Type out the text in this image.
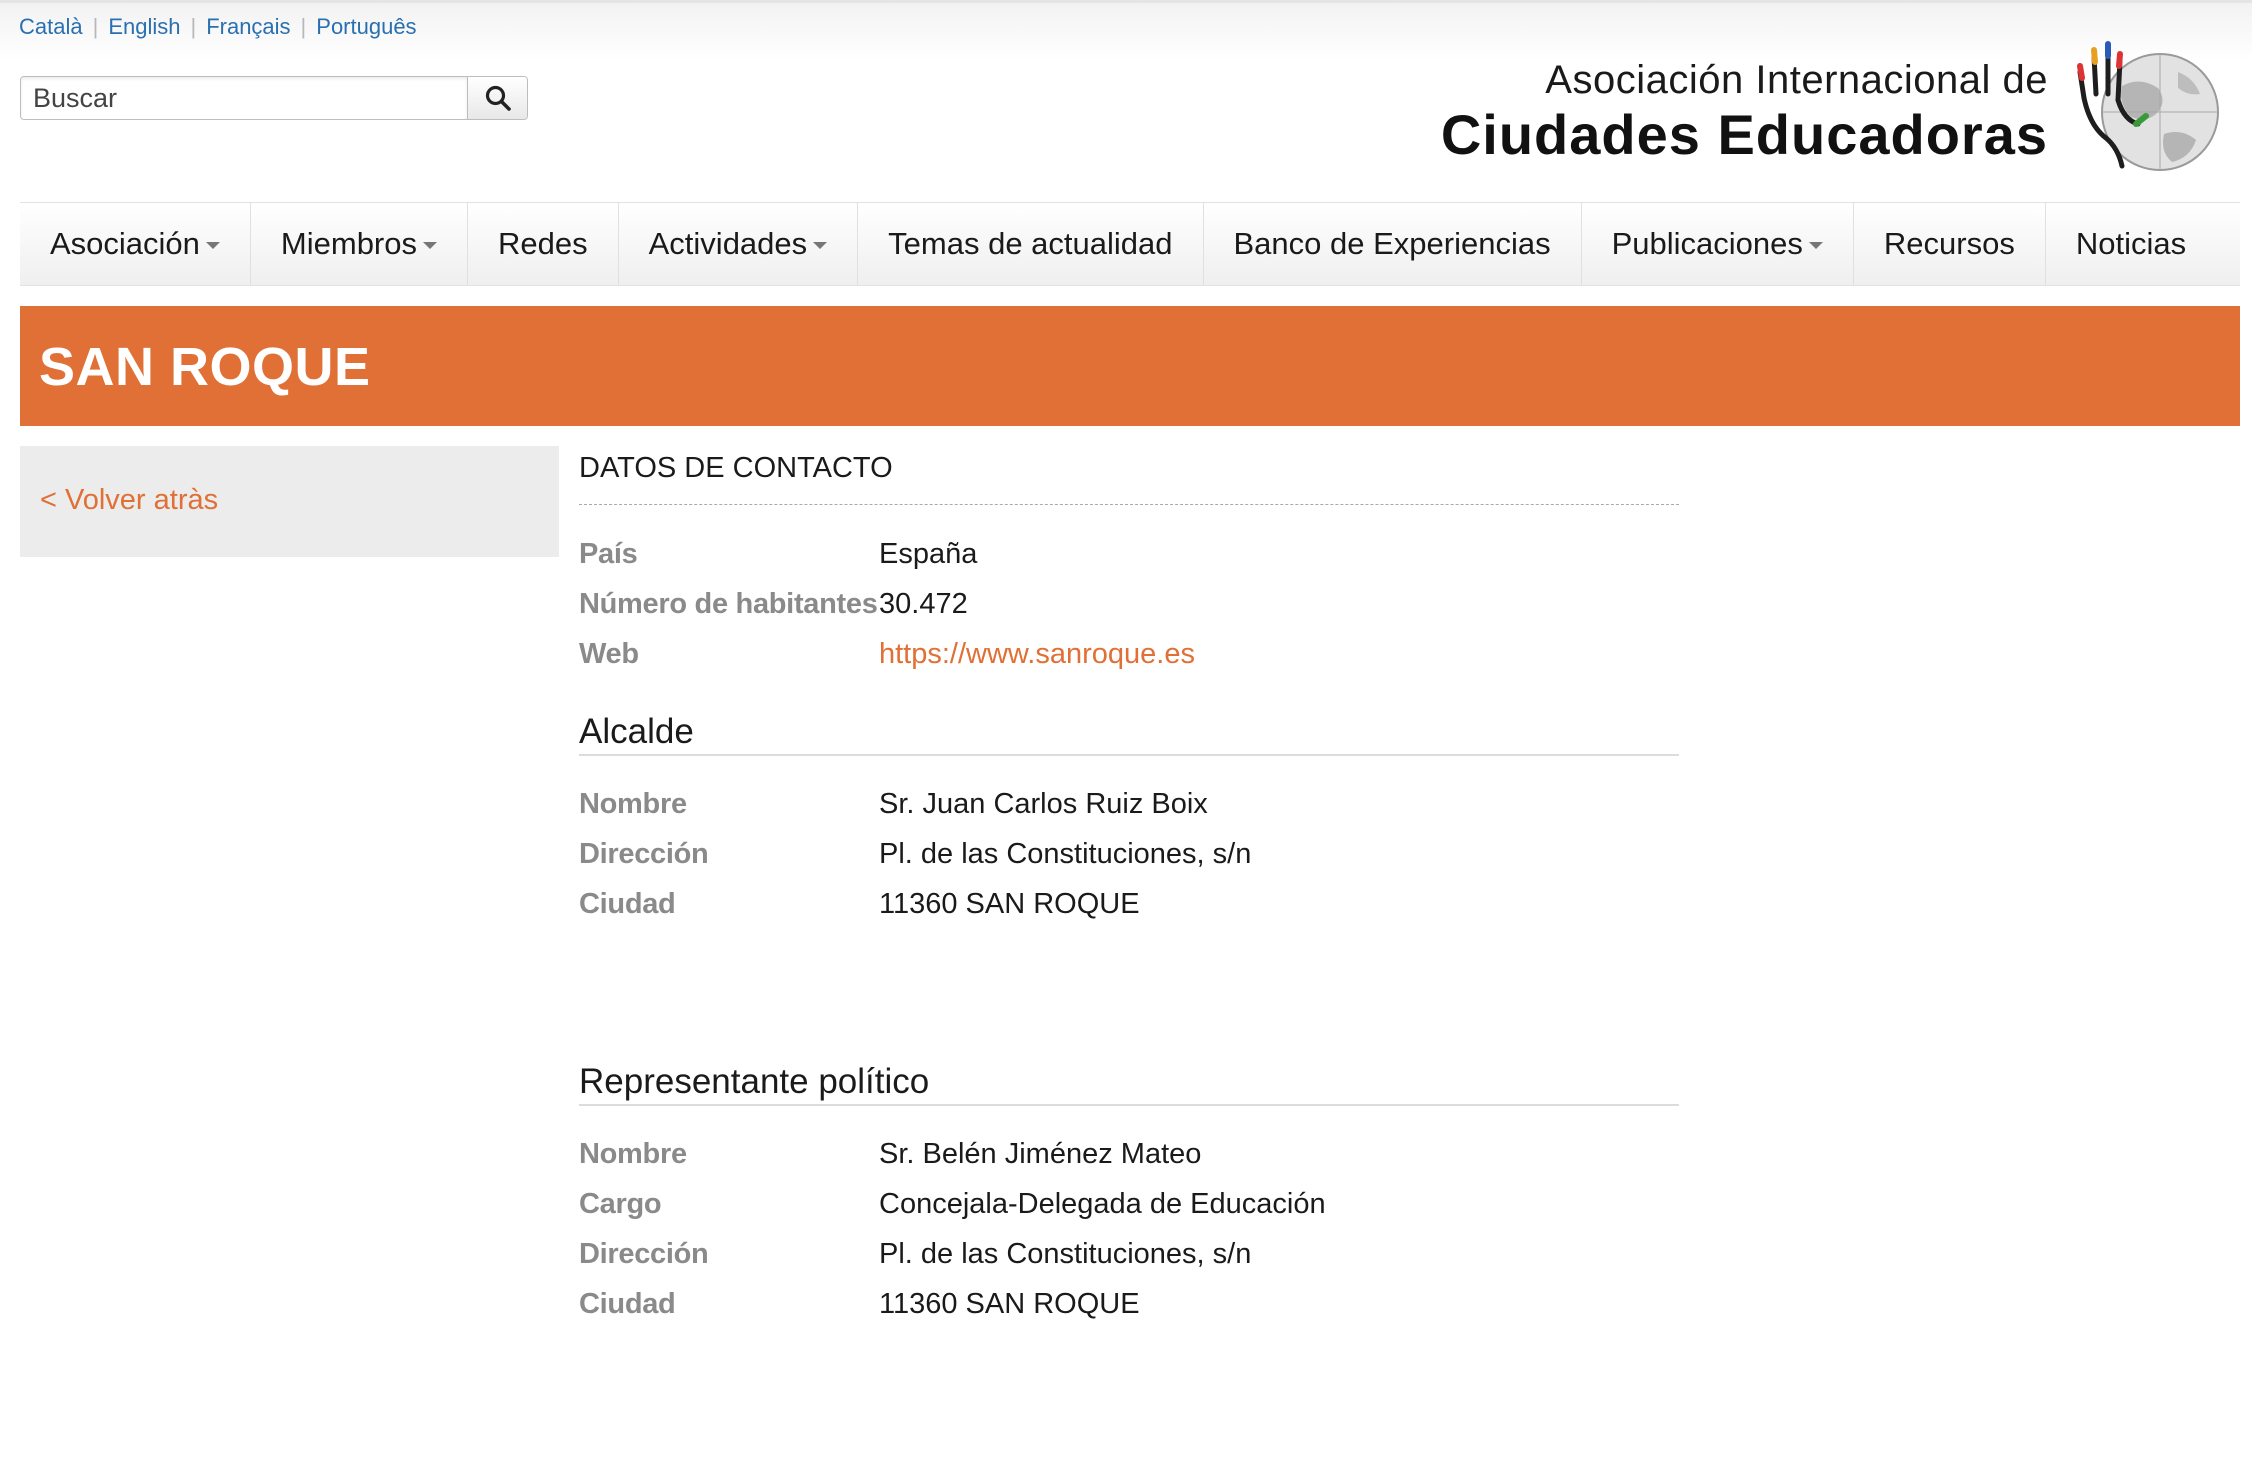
Català | English | Français | Português
Buscar
Asociación Internacional de
Ciudades Educadoras
Asociación	Miembros	Redes Actividades	Temas de actualidad Banco de Experiencias Publicaciones	Recursos Noticias
SAN ROQUE
< Volver atràs
DATOS DE CONTACTO
País	España
Número de habitantes 30.472
Web	https://www.sanroque.es
Alcalde
Nombre	Sr. Juan Carlos Ruiz Boix
Dirección	Pl. de las Constituciones, s/n
Ciudad	11360 SAN ROQUE
Representante político
Nombre	Sr. Belén Jiménez Mateo
Cargo	Concejala-Delegada de Educación
Dirección	Pl. de las Constituciones, s/n
Ciudad	11360 SAN ROQUE
